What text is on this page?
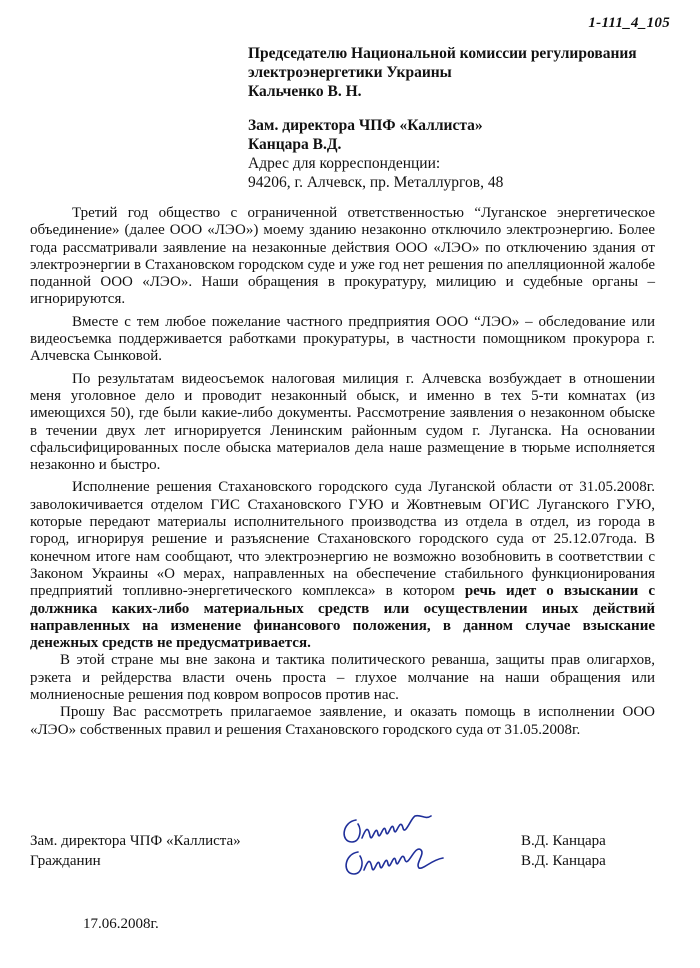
1-111_4_105
Председателю Национальной комиссии регулирования
электроэнергетики Украины
Кальченко В. Н.
Зам. директора ЧПФ «Каллиста»
Канцара В.Д.
Адрес для корреспонденции:
94206, г. Алчевск, пр. Металлургов, 48

Третий год общество с ограниченной ответственностью “Луганское энергетическое объединение» (далее ООО «ЛЭО») моему зданию незаконно отключило электроэнергию. Более года рассматривали заявление на незаконные действия ООО «ЛЭО» по отключению здания от электроэнергии в Стахановском городском суде и уже год нет решения по апелляционной жалобе поданной ООО «ЛЭО». Наши обращения в прокуратуру, милицию и судебные органы – игнорируются.

Вместе с тем любое пожелание частного предприятия ООО “ЛЭО» – обследование или видеосъемка поддерживается работками прокуратуры, в частности помощником прокурора г. Алчевска Сынковой.

По результатам видеосъемок налоговая милиция г. Алчевска возбуждает в отношении меня уголовное дело и проводит незаконный обыск, и именно в тех 5-ти комнатах (из имеющихся 50), где были какие-либо документы. Рассмотрение заявления о незаконном обыске в течении двух лет игнорируется Ленинским районным судом г. Луганска. На основании сфальсифицированных после обыска материалов дела наше размещение в тюрьме исполняется незаконно и быстро.

Исполнение решения Стахановского городского суда Луганской области от 31.05.2008г. заволокичивается отделом ГИС Стахановского ГУЮ и Жовтневым ОГИС Луганского ГУЮ, которые передают материалы исполнительного производства из отдела в отдел, из города в город, игнорируя решение и разъяснение Стахановского городского суда от 25.12.07года. В конечном итоге нам сообщают, что электроэнергию не возможно возобновить в соответствии с Законом Украины «О мерах, направленных на обеспечение стабильного функционирования предприятий топливно-энергетического комплекса» в котором речь идет о взыскании с должника каких-либо материальных средств или осуществлении иных действий направленных на изменение финансового положения, в данном случае взыскание денежных средств не предусматривается.

В этой стране мы вне закона и тактика политического реванша, защиты прав олигархов, рэкета и рейдерства власти очень проста – глухое молчание на наши обращения или молниеносные решения под ковром вопросов против нас.

Прошу Вас рассмотреть прилагаемое заявление, и оказать помощь в исполнении ООО «ЛЭО» собственных правил и решения Стахановского городского суда от 31.05.2008г.

Зам. директора ЧПФ «Каллиста»
Гражданин
В.Д. Канцара
В.Д. Канцара
17.06.2008г.
